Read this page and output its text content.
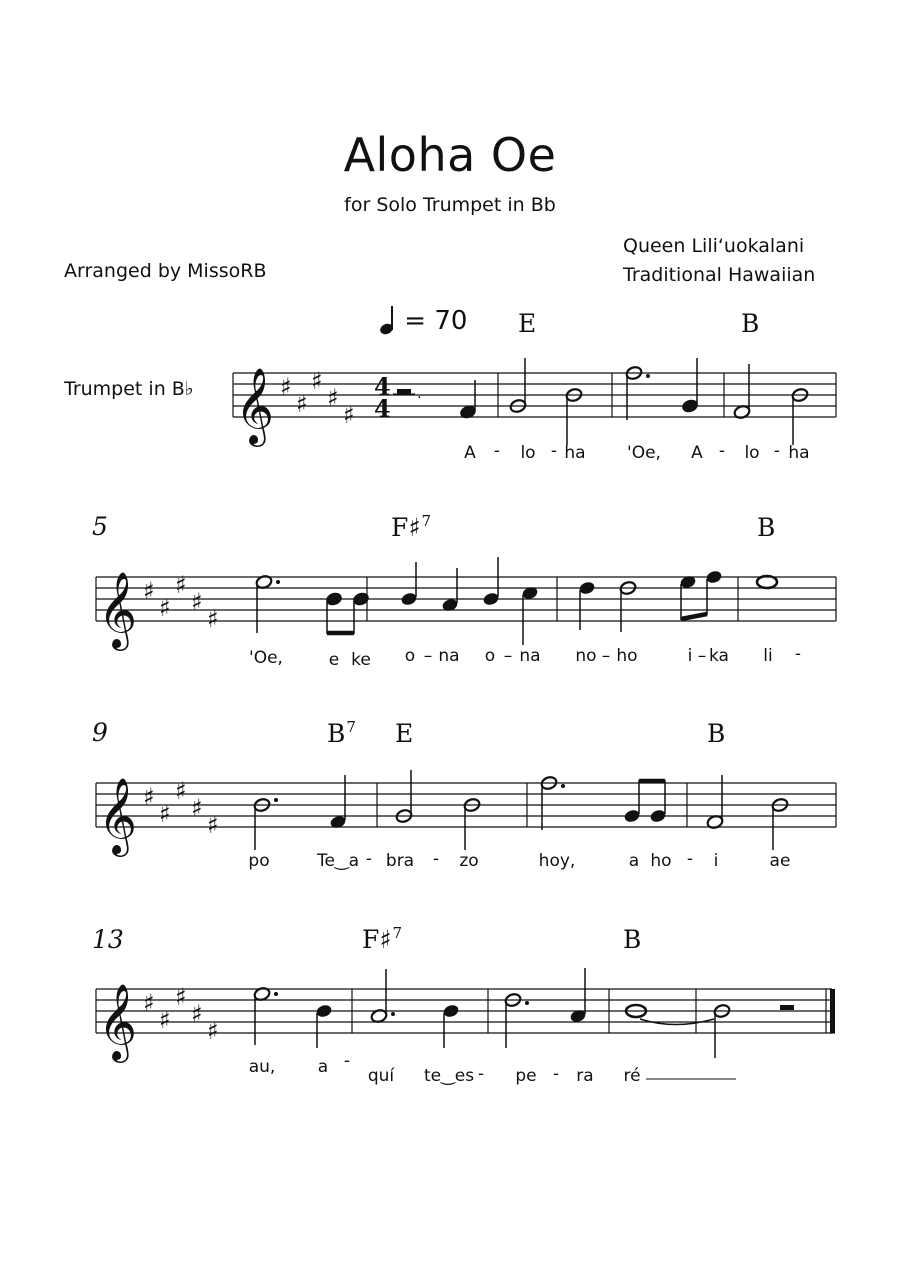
Aloha Oe
for Solo Trumpet in Bb
Queen Lili‘uokalani
Traditional Hawaiian
Arranged by MissoRB
Trumpet in B♭
= 70
5
9
13
E	B
F♯$^7$	B
$B^7$ E	B
F♯$^7$	B
A - lo - ha 'Oe, A - lo - ha
'Oe,	e ke o – na o – na no – ho	i – ka li -
po	Te‿a - bra - zo	hoy,	a ho - i	ae
au, a -
quí te‿es - pe - ra ré
𝄞 ♯
♯
♯
♯
♯
4
4 .
𝄞 ♯
♯
♯
♯
♯
𝄞 ♯
♯
♯
♯
♯
𝄞 ♯
♯
♯
♯
♯
